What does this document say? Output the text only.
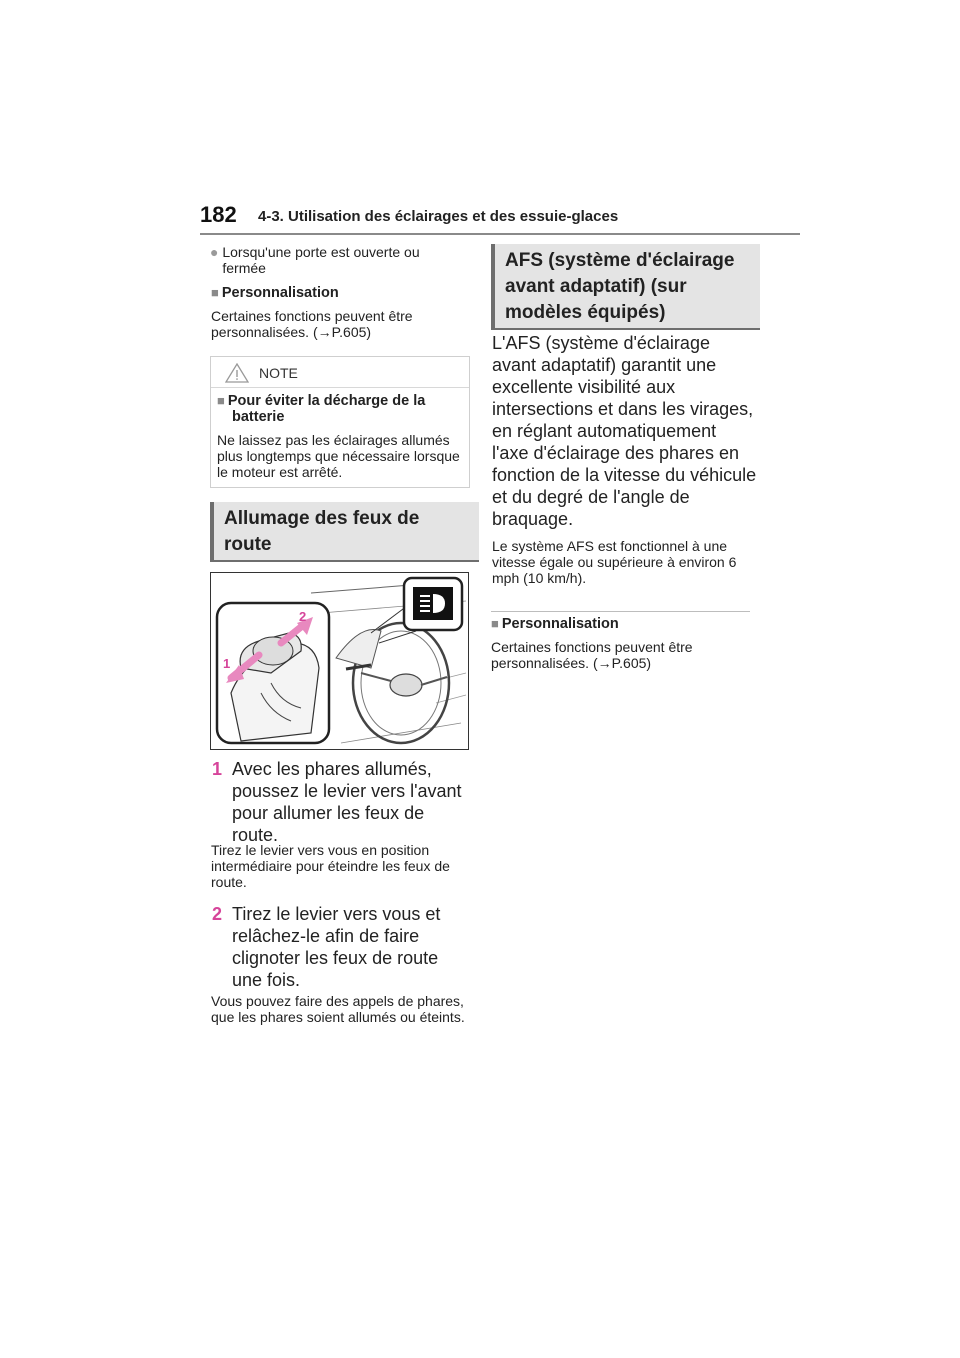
182 4-3. Utilisation des éclairages et des essuie-glaces
● Lorsqu'une porte est ouverte ou fermée
■ Personnalisation
Certaines fonctions peuvent être personnalisées. (→P.605)
NOTE
■ Pour éviter la décharge de la
batterie
Ne laissez pas les éclairages allumés plus longtemps que nécessaire lorsque le moteur est arrêté.
Allumage des feux de
route
1
2
1 Avec les phares allumés, poussez le levier vers l'avant pour allumer les feux de route.
Tirez le levier vers vous en position intermédiaire pour éteindre les feux de route.
2 Tirez le levier vers vous et relâchez-le afin de faire clignoter les feux de route une fois.
Vous pouvez faire des appels de phares, que les phares soient allumés ou éteints.
AFS (système d'éclairage
avant adaptatif) (sur
modèles équipés)
L'AFS (système d'éclairage avant adaptatif) garantit une excellente visibilité aux intersections et dans les virages, en réglant automatiquement l'axe d'éclairage des phares en fonction de la vitesse du véhicule et du degré de l'angle de braquage.
Le système AFS est fonctionnel à une vitesse égale ou supérieure à environ 6 mph (10 km/h).
■ Personnalisation
Certaines fonctions peuvent être personnalisées. (→P.605)
